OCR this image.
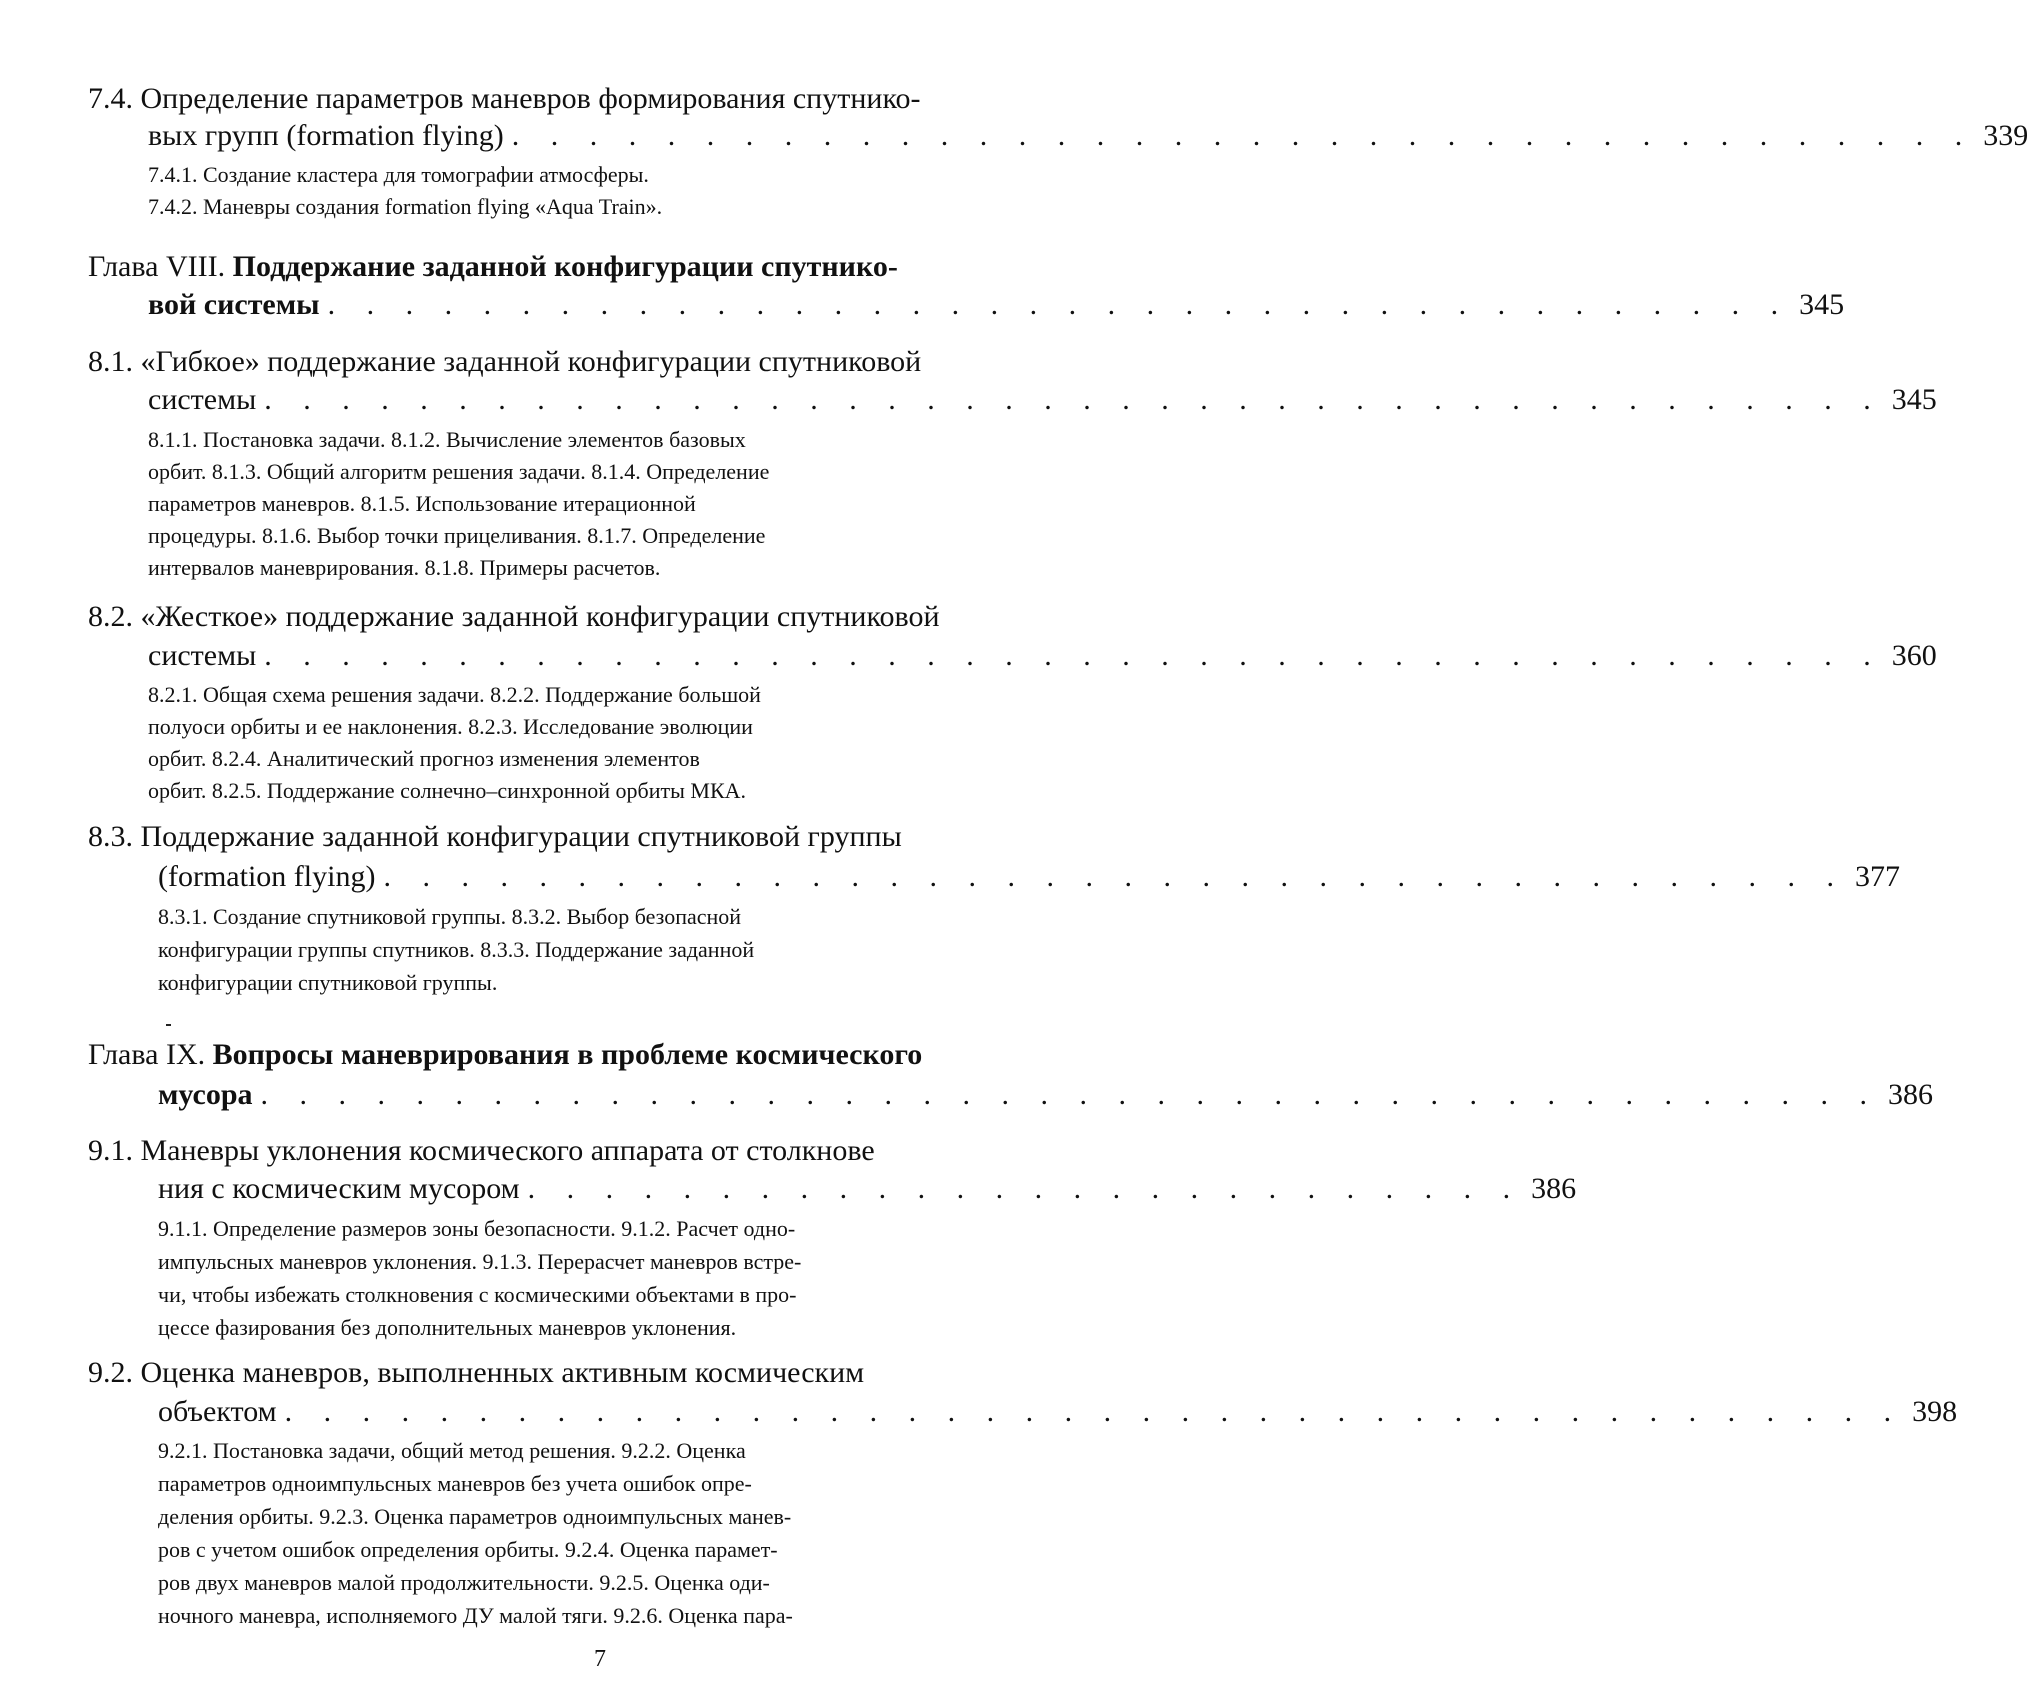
7.4. Определение параметров маневров формирования спутнико-
вых групп (formation flying) . . . . . . . . . . . . . . . . . . . . . . . . . . . . . . . . . . . . . . 339
7.4.1. Создание кластера для томографии атмосферы.
7.4.2. Маневры создания formation flying «Aqua Train».
Глава VIII. Поддержание заданной конфигурации спутнико-
вой системы . . . . . . . . . . . . . . . . . . . . . . . . . . . . . . . . . . . . . . 345
8.1. «Гибкое» поддержание заданной конфигурации спутниковой
системы . . . . . . . . . . . . . . . . . . . . . . . . . . . . . . . . . . . . . . . . . . 345
8.1.1. Постановка задачи. 8.1.2. Вычисление элементов базовых
орбит. 8.1.3. Общий алгоритм решения задачи. 8.1.4. Определение
параметров маневров. 8.1.5. Использование итерационной
процедуры. 8.1.6. Выбор точки прицеливания. 8.1.7. Определение
интервалов маневрирования. 8.1.8. Примеры расчетов.
8.2. «Жесткое» поддержание заданной конфигурации спутниковой
системы . . . . . . . . . . . . . . . . . . . . . . . . . . . . . . . . . . . . . . . . . . 360
8.2.1. Общая схема решения задачи. 8.2.2. Поддержание большой
полуоси орбиты и ее наклонения. 8.2.3. Исследование эволюции
орбит. 8.2.4. Аналитический прогноз изменения элементов
орбит. 8.2.5. Поддержание солнечно–синхронной орбиты МКА.
8.3. Поддержание заданной конфигурации спутниковой группы
(formation flying) . . . . . . . . . . . . . . . . . . . . . . . . . . . . . . . . . . . . . . 377
8.3.1. Создание спутниковой группы. 8.3.2. Выбор безопасной
конфигурации группы спутников. 8.3.3. Поддержание заданной
конфигурации спутниковой группы.
Глава IX. Вопросы маневрирования в проблеме космического
мусора . . . . . . . . . . . . . . . . . . . . . . . . . . . . . . . . . . . . . . . . . . 386
9.1. Маневры уклонения космического аппарата от столкнове
ния с космическим мусором . . . . . . . . . . . . . . . . . . . . . . . . . . 386
9.1.1. Определение размеров зоны безопасности. 9.1.2. Расчет одно-
импульсных маневров уклонения. 9.1.3. Перерасчет маневров встре-
чи, чтобы избежать столкновения с космическими объектами в про-
цессе фазирования без дополнительных маневров уклонения.
9.2. Оценка маневров, выполненных активным космическим
объектом . . . . . . . . . . . . . . . . . . . . . . . . . . . . . . . . . . . . . . . . . . 398
9.2.1. Постановка задачи, общий метод решения. 9.2.2. Оценка
параметров одноимпульсных маневров без учета ошибок опре-
деления орбиты. 9.2.3. Оценка параметров одноимпульсных манев-
ров с учетом ошибок определения орбиты. 9.2.4. Оценка парамет-
ров двух маневров малой продолжительности. 9.2.5. Оценка оди-
ночного маневра, исполняемого ДУ малой тяги. 9.2.6. Оценка пара-
7
